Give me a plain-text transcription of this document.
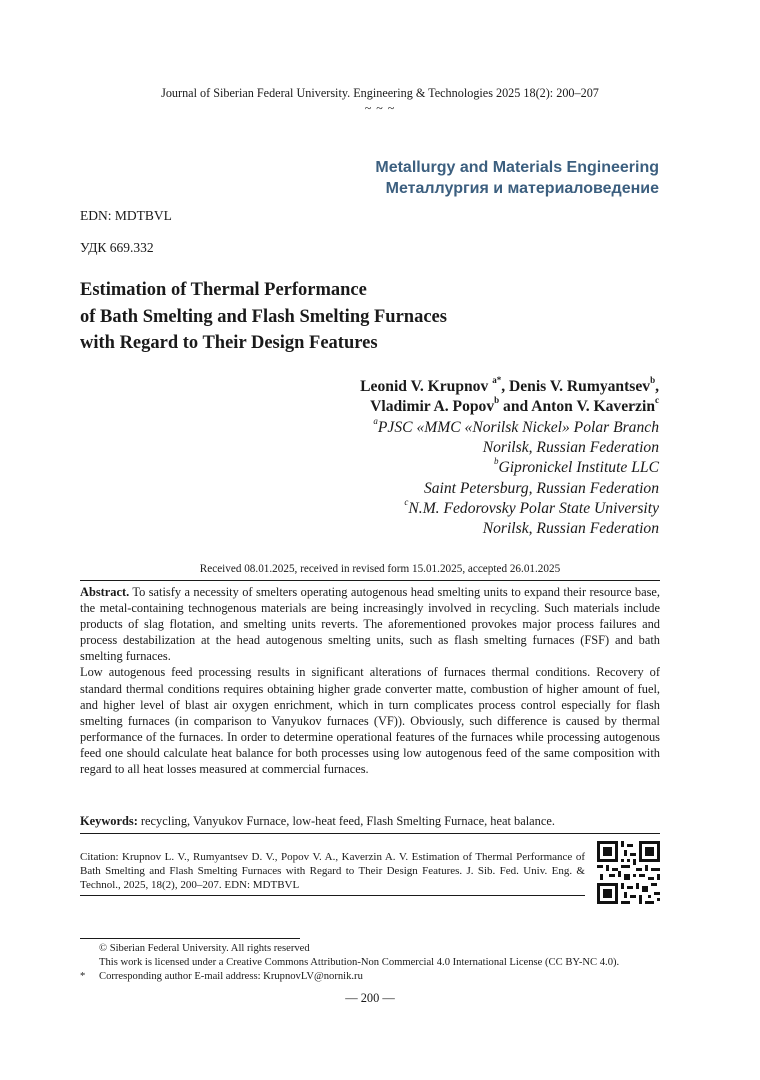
Journal of Siberian Federal University. Engineering & Technologies 2025 18(2): 200–207
~ ~ ~
Metallurgy and Materials Engineering
Металлургия и материаловедение
EDN: MDTBVL
УДК 669.332
Estimation of Thermal Performance
of Bath Smelting and Flash Smelting Furnaces
with Regard to Their Design Features
Leonid V. Krupnov $^{a*}$, Denis V. Rumyantsev$^b$,
Vladimir A. Popov$^b$ and Anton V. Kaverzin$^c$
$^a$PJSC «MMC «Norilsk Nickel» Polar Branch
Norilsk, Russian Federation
$^b$Gipronickel Institute LLC
Saint Petersburg, Russian Federation
$^c$N.M. Fedorovsky Polar State University
Norilsk, Russian Federation
Received 08.01.2025, received in revised form 15.01.2025, accepted 26.01.2025

Abstract. To satisfy a necessity of smelters operating autogenous head smelting units to expand their resource base, the metal-containing technogenous materials are being increasingly involved in recycling. Such materials include products of slag flotation, and smelting units reverts. The aforementioned provokes major process failures and process destabilization at the head autogenous smelting units, such as flash smelting furnaces (FSF) and bath smelting furnaces.

Low autogenous feed processing results in significant alterations of furnaces thermal conditions. Recovery of standard thermal conditions requires obtaining higher grade converter matte, combustion of higher amount of fuel, and higher level of blast air oxygen enrichment, which in turn complicates process control especially for flash smelting furnaces (in comparison to Vanyukov furnaces (VF)). Obviously, such difference is caused by thermal performance of the furnaces. In order to determine operational features of the furnaces while processing autogenous feed one should calculate heat balance for both processes using low autogenous feed of the same composition with regard to all heat losses measured at commercial furnaces.

Keywords: recycling, Vanyukov Furnace, low-heat feed, Flash Smelting Furnace, heat balance.
Citation: Krupnov L. V., Rumyantsev D. V., Popov V. A., Kaverzin A. V. Estimation of Thermal Performance of Bath Smelting and Flash Smelting Furnaces with Regard to Their Design Features. J. Sib. Fed. Univ. Eng. & Technol., 2025, 18(2), 200–207. EDN: MDTBVL
© Siberian Federal University. All rights reserved
This work is licensed under a Creative Commons Attribution-Non Commercial 4.0 International License (CC BY-NC 4.0).
* Corresponding author E-mail address: KrupnovLV@nornik.ru
— 200 —
